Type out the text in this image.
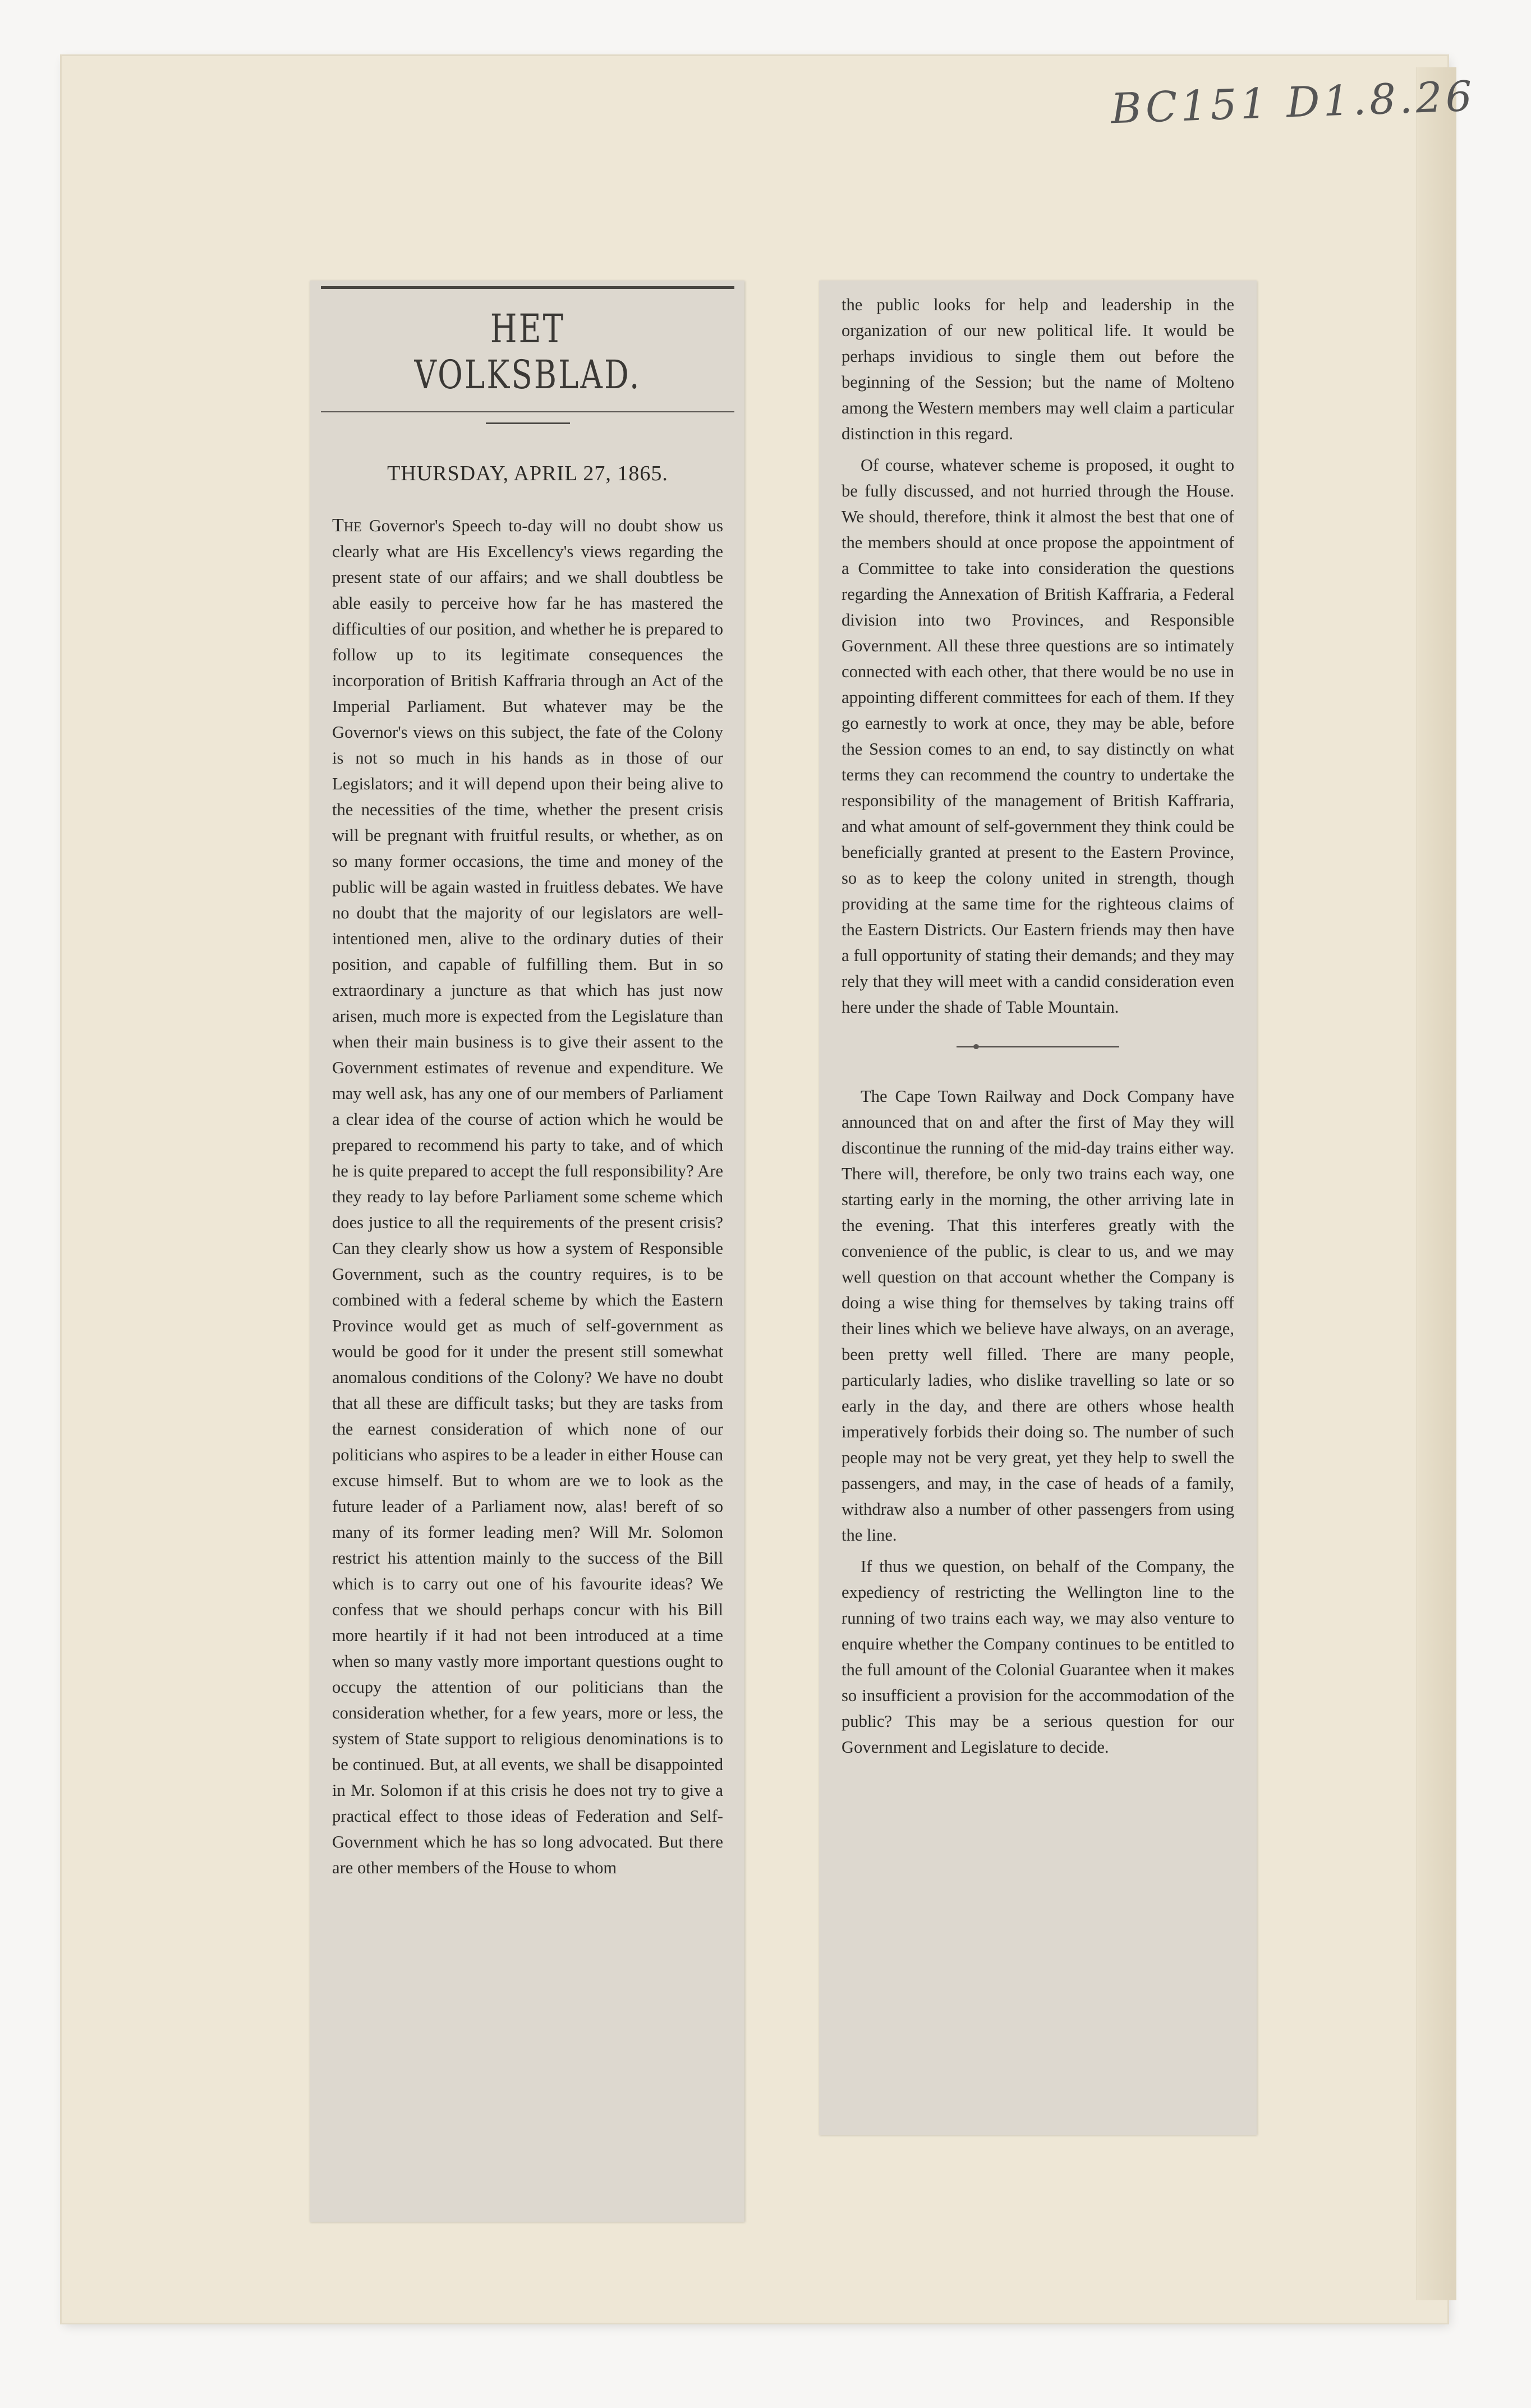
BC151 D1.8.26
HET VOLKSBLAD.
THURSDAY, APRIL 27, 1865.

The Governor's Speech to-day will no doubt show us clearly what are His Excellency's views regarding the present state of our affairs; and we shall doubtless be able easily to perceive how far he has mastered the difficulties of our position, and whether he is prepared to follow up to its legitimate consequences the incorporation of British Kaffraria through an Act of the Imperial Parliament. But whatever may be the Governor's views on this subject, the fate of the Colony is not so much in his hands as in those of our Legislators; and it will depend upon their being alive to the necessities of the time, whether the present crisis will be pregnant with fruitful results, or whether, as on so many former occasions, the time and money of the public will be again wasted in fruitless debates. We have no doubt that the majority of our legislators are well-intentioned men, alive to the ordinary duties of their position, and capable of fulfilling them. But in so extraordinary a juncture as that which has just now arisen, much more is expected from the Legislature than when their main business is to give their assent to the Government estimates of revenue and expenditure. We may well ask, has any one of our members of Parliament a clear idea of the course of action which he would be prepared to recommend his party to take, and of which he is quite prepared to accept the full responsibility? Are they ready to lay before Parliament some scheme which does justice to all the requirements of the present crisis? Can they clearly show us how a system of Responsible Government, such as the country requires, is to be combined with a federal scheme by which the Eastern Province would get as much of self-government as would be good for it under the present still somewhat anomalous conditions of the Colony? We have no doubt that all these are difficult tasks; but they are tasks from the earnest consideration of which none of our politicians who aspires to be a leader in either House can excuse himself. But to whom are we to look as the future leader of a Parliament now, alas! bereft of so many of its former leading men? Will Mr. Solomon restrict his attention mainly to the success of the Bill which is to carry out one of his favourite ideas? We confess that we should perhaps concur with his Bill more heartily if it had not been introduced at a time when so many vastly more important questions ought to occupy the attention of our politicians than the consideration whether, for a few years, more or less, the system of State support to religious denominations is to be continued. But, at all events, we shall be disappointed in Mr. Solomon if at this crisis he does not try to give a practical effect to those ideas of Federation and Self-Government which he has so long advocated. But there are other members of the House to whom

the public looks for help and leadership in the organization of our new political life. It would be perhaps invidious to single them out before the beginning of the Session; but the name of Molteno among the Western members may well claim a particular distinction in this regard.

Of course, whatever scheme is proposed, it ought to be fully discussed, and not hurried through the House. We should, therefore, think it almost the best that one of the members should at once propose the appointment of a Committee to take into consideration the questions regarding the Annexation of British Kaffraria, a Federal division into two Provinces, and Responsible Government. All these three questions are so intimately connected with each other, that there would be no use in appointing different committees for each of them. If they go earnestly to work at once, they may be able, before the Session comes to an end, to say distinctly on what terms they can recommend the country to undertake the responsibility of the management of British Kaffraria, and what amount of self-government they think could be beneficially granted at present to the Eastern Province, so as to keep the colony united in strength, though providing at the same time for the righteous claims of the Eastern Districts. Our Eastern friends may then have a full opportunity of stating their demands; and they may rely that they will meet with a candid consideration even here under the shade of Table Mountain.

The Cape Town Railway and Dock Company have announced that on and after the first of May they will discontinue the running of the mid-day trains either way. There will, therefore, be only two trains each way, one starting early in the morning, the other arriving late in the evening. That this interferes greatly with the convenience of the public, is clear to us, and we may well question on that account whether the Company is doing a wise thing for themselves by taking trains off their lines which we believe have always, on an average, been pretty well filled. There are many people, particularly ladies, who dislike travelling so late or so early in the day, and there are others whose health imperatively forbids their doing so. The number of such people may not be very great, yet they help to swell the passengers, and may, in the case of heads of a family, withdraw also a number of other passengers from using the line.

If thus we question, on behalf of the Company, the expediency of restricting the Wellington line to the running of two trains each way, we may also venture to enquire whether the Company continues to be entitled to the full amount of the Colonial Guarantee when it makes so insufficient a provision for the accommodation of the public? This may be a serious question for our Government and Legislature to decide.
